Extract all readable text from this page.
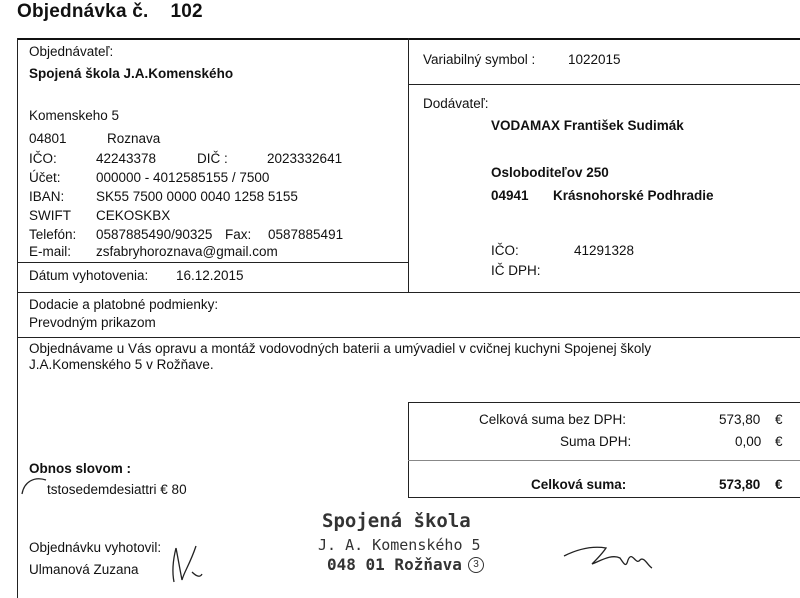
Objednávka č. 102
Objednávateľ:
Spojená škola J.A.Komenského
Komenskeho 5
04801	Roznava
IČO:	42243378	DIČ :	2023332641
Účet:	000000 - 4012585155 / 7500
IBAN: SK55 7500 0000 0040 1258 5155
SWIFT CEKOSKBX
Telefón: 0587885490/90325 Fax: 0587885491
E-mail: zsfabryhoroznava@gmail.com
Dátum vyhotovenia: 16.12.2015
Variabilný symbol : 1022015
Dodávateľ:
VODAMAX František Sudimák
Osloboditeľov 250
04941 Krásnohorské Podhradie
IČO:	41291328
IČ DPH:
Dodacie a platobné podmienky:
Prevodným prikazom
Objednávame u Vás opravu a montáž vodovodných baterii a umývadiel v cvičnej kuchyni Spojenej školy
J.A.Komenského 5 v Rožňave.
Celková suma bez DPH:	573,80 €
Suma DPH:	0,00 €
Celková suma:	573,80 €
Obnos slovom :
tstosedemdesiattri € 80
Objednávku vyhotovil:
Ulmanová Zuzana
Spojená škola
J. A. Komenského 5
048 01 Rožňava	3
